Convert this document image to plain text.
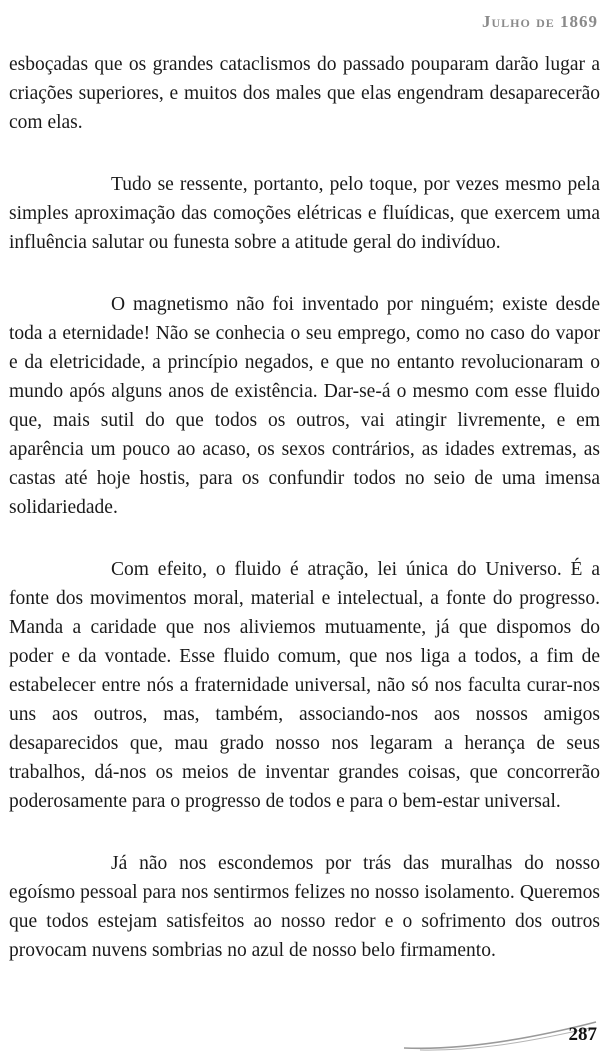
Julho de 1869

esboçadas que os grandes cataclismos do passado pouparam darão lugar a criações superiores, e muitos dos males que elas engendram desaparecerão com elas.

Tudo se ressente, portanto, pelo toque, por vezes mesmo pela simples aproximação das comoções elétricas e fluídicas, que exercem uma influência salutar ou funesta sobre a atitude geral do indivíduo.

O magnetismo não foi inventado por ninguém; existe desde toda a eternidade! Não se conhecia o seu emprego, como no caso do vapor e da eletricidade, a princípio negados, e que no entanto revolucionaram o mundo após alguns anos de existência. Dar-se-á o mesmo com esse fluido que, mais sutil do que todos os outros, vai atingir livremente, e em aparência um pouco ao acaso, os sexos contrários, as idades extremas, as castas até hoje hostis, para os confundir todos no seio de uma imensa solidariedade.

Com efeito, o fluido é atração, lei única do Universo. É a fonte dos movimentos moral, material e intelectual, a fonte do progresso. Manda a caridade que nos aliviemos mutuamente, já que dispomos do poder e da vontade. Esse fluido comum, que nos liga a todos, a fim de estabelecer entre nós a fraternidade universal, não só nos faculta curar-nos uns aos outros, mas, também, associando-nos aos nossos amigos desaparecidos que, mau grado nosso nos legaram a herança de seus trabalhos, dá-nos os meios de inventar grandes coisas, que concorrerão poderosamente para o progresso de todos e para o bem-estar universal.

Já não nos escondemos por trás das muralhas do nosso egoísmo pessoal para nos sentirmos felizes no nosso isolamento. Queremos que todos estejam satisfeitos ao nosso redor e o sofrimento dos outros provocam nuvens sombrias no azul de nosso belo firmamento.

287
